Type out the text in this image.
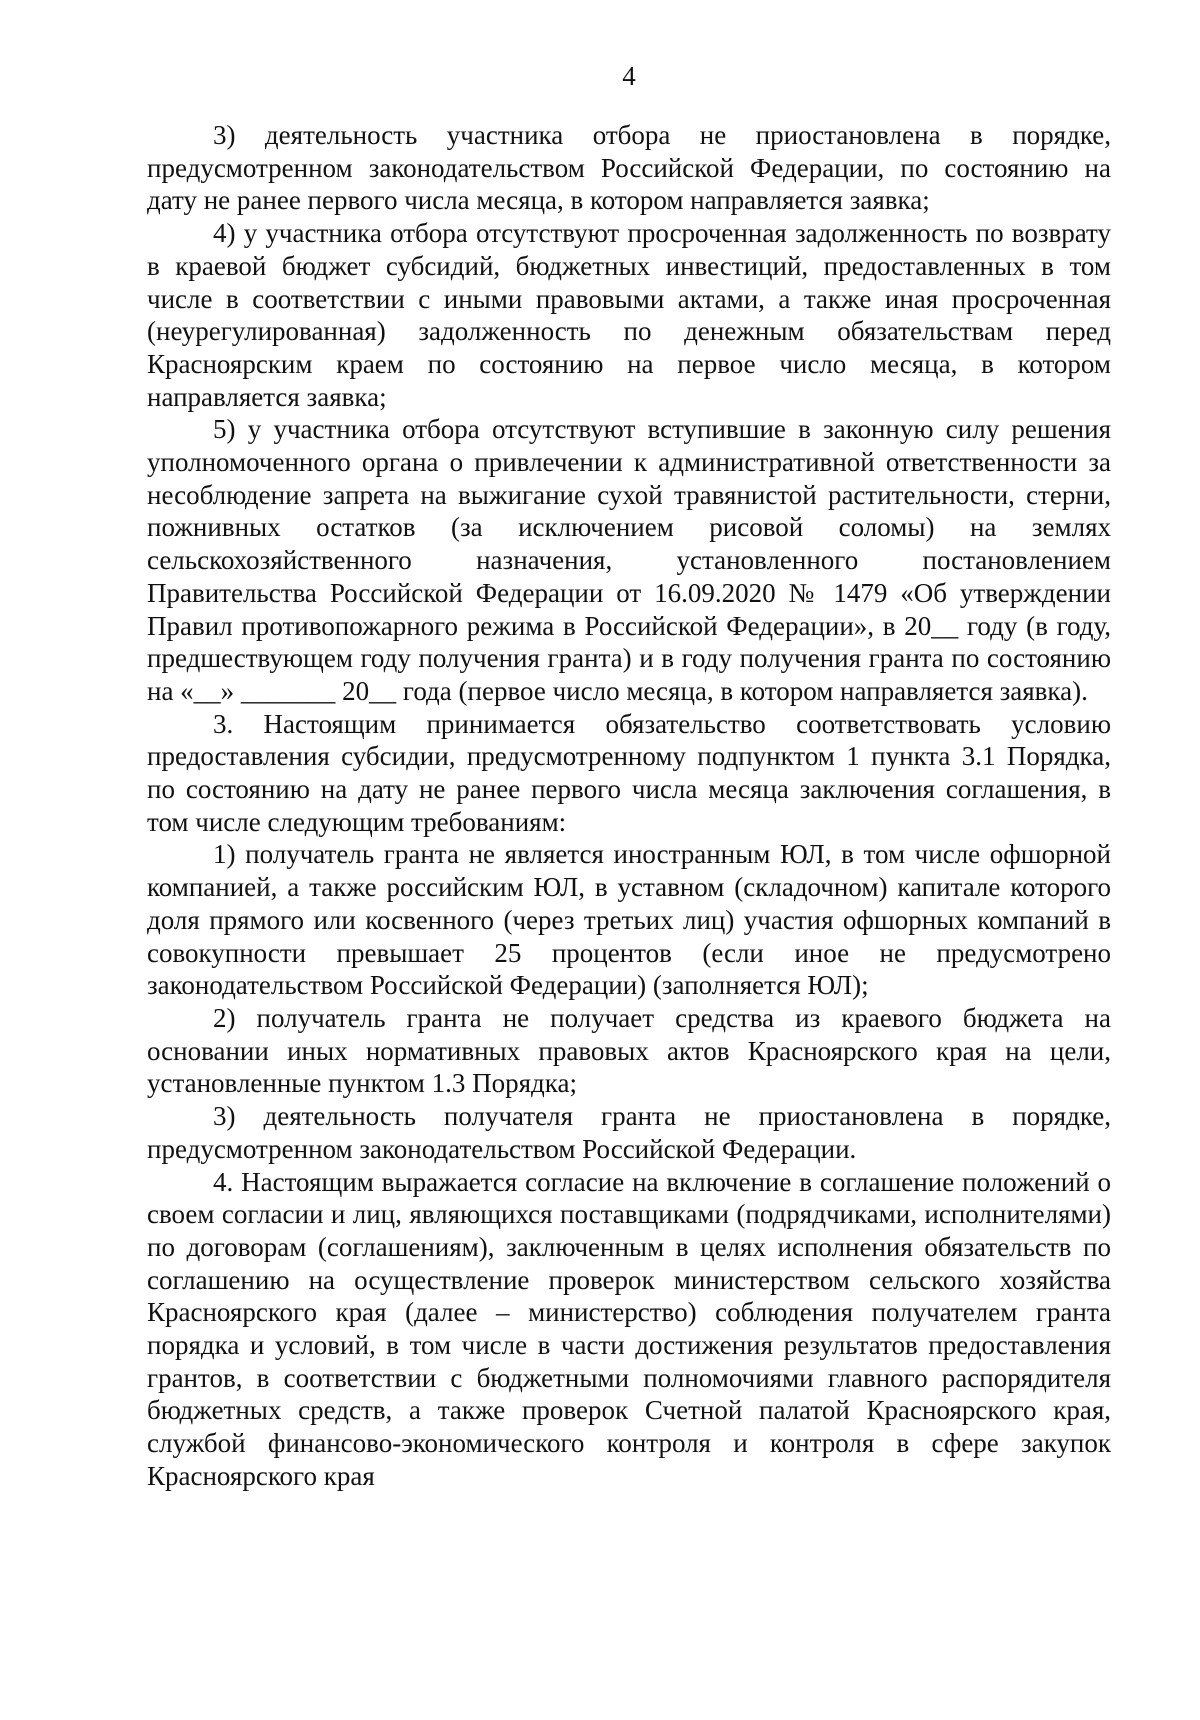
4

3) деятельность участника отбора не приостановлена в порядке, предусмотренном законодательством Российской Федерации, по состоянию на дату не ранее первого числа месяца, в котором направляется заявка;

4) у участника отбора отсутствуют просроченная задолженность по возврату в краевой бюджет субсидий, бюджетных инвестиций, предоставленных в том числе в соответствии с иными правовыми актами, а также иная просроченная (неурегулированная) задолженность по денежным обязательствам перед Красноярским краем по состоянию на первое число месяца, в котором направляется заявка;

5) у участника отбора отсутствуют вступившие в законную силу решения уполномоченного органа о привлечении к административной ответственности за несоблюдение запрета на выжигание сухой травянистой растительности, стерни, пожнивных остатков (за исключением рисовой соломы) на землях сельскохозяйственного назначения, установленного постановлением Правительства Российской Федерации от 16.09.2020 № 1479 «Об утверждении Правил противопожарного режима в Российской Федерации», в 20__ году (в году, предшествующем году получения гранта) и в году получения гранта по состоянию на «__» _______ 20__ года (первое число месяца, в котором направляется заявка).

3. Настоящим принимается обязательство соответствовать условию предоставления субсидии, предусмотренному подпунктом 1 пункта 3.1 Порядка, по состоянию на дату не ранее первого числа месяца заключения соглашения, в том числе следующим требованиям:

1) получатель гранта не является иностранным ЮЛ, в том числе офшорной компанией, а также российским ЮЛ, в уставном (складочном) капитале которого доля прямого или косвенного (через третьих лиц) участия офшорных компаний в совокупности превышает 25 процентов (если иное не предусмотрено законодательством Российской Федерации) (заполняется ЮЛ);

2) получатель гранта не получает средства из краевого бюджета на основании иных нормативных правовых актов Красноярского края на цели, установленные пунктом 1.3 Порядка;

3) деятельность получателя гранта не приостановлена в порядке, предусмотренном законодательством Российской Федерации.

4. Настоящим выражается согласие на включение в соглашение положений о своем согласии и лиц, являющихся поставщиками (подрядчиками, исполнителями) по договорам (соглашениям), заключенным в целях исполнения обязательств по соглашению на осуществление проверок министерством сельского хозяйства Красноярского края (далее – министерство) соблюдения получателем гранта порядка и условий, в том числе в части достижения результатов предоставления грантов, в соответствии с бюджетными полномочиями главного распорядителя бюджетных средств, а также проверок Счетной палатой Красноярского края, службой финансово-экономического контроля и контроля в сфере закупок Красноярского края
